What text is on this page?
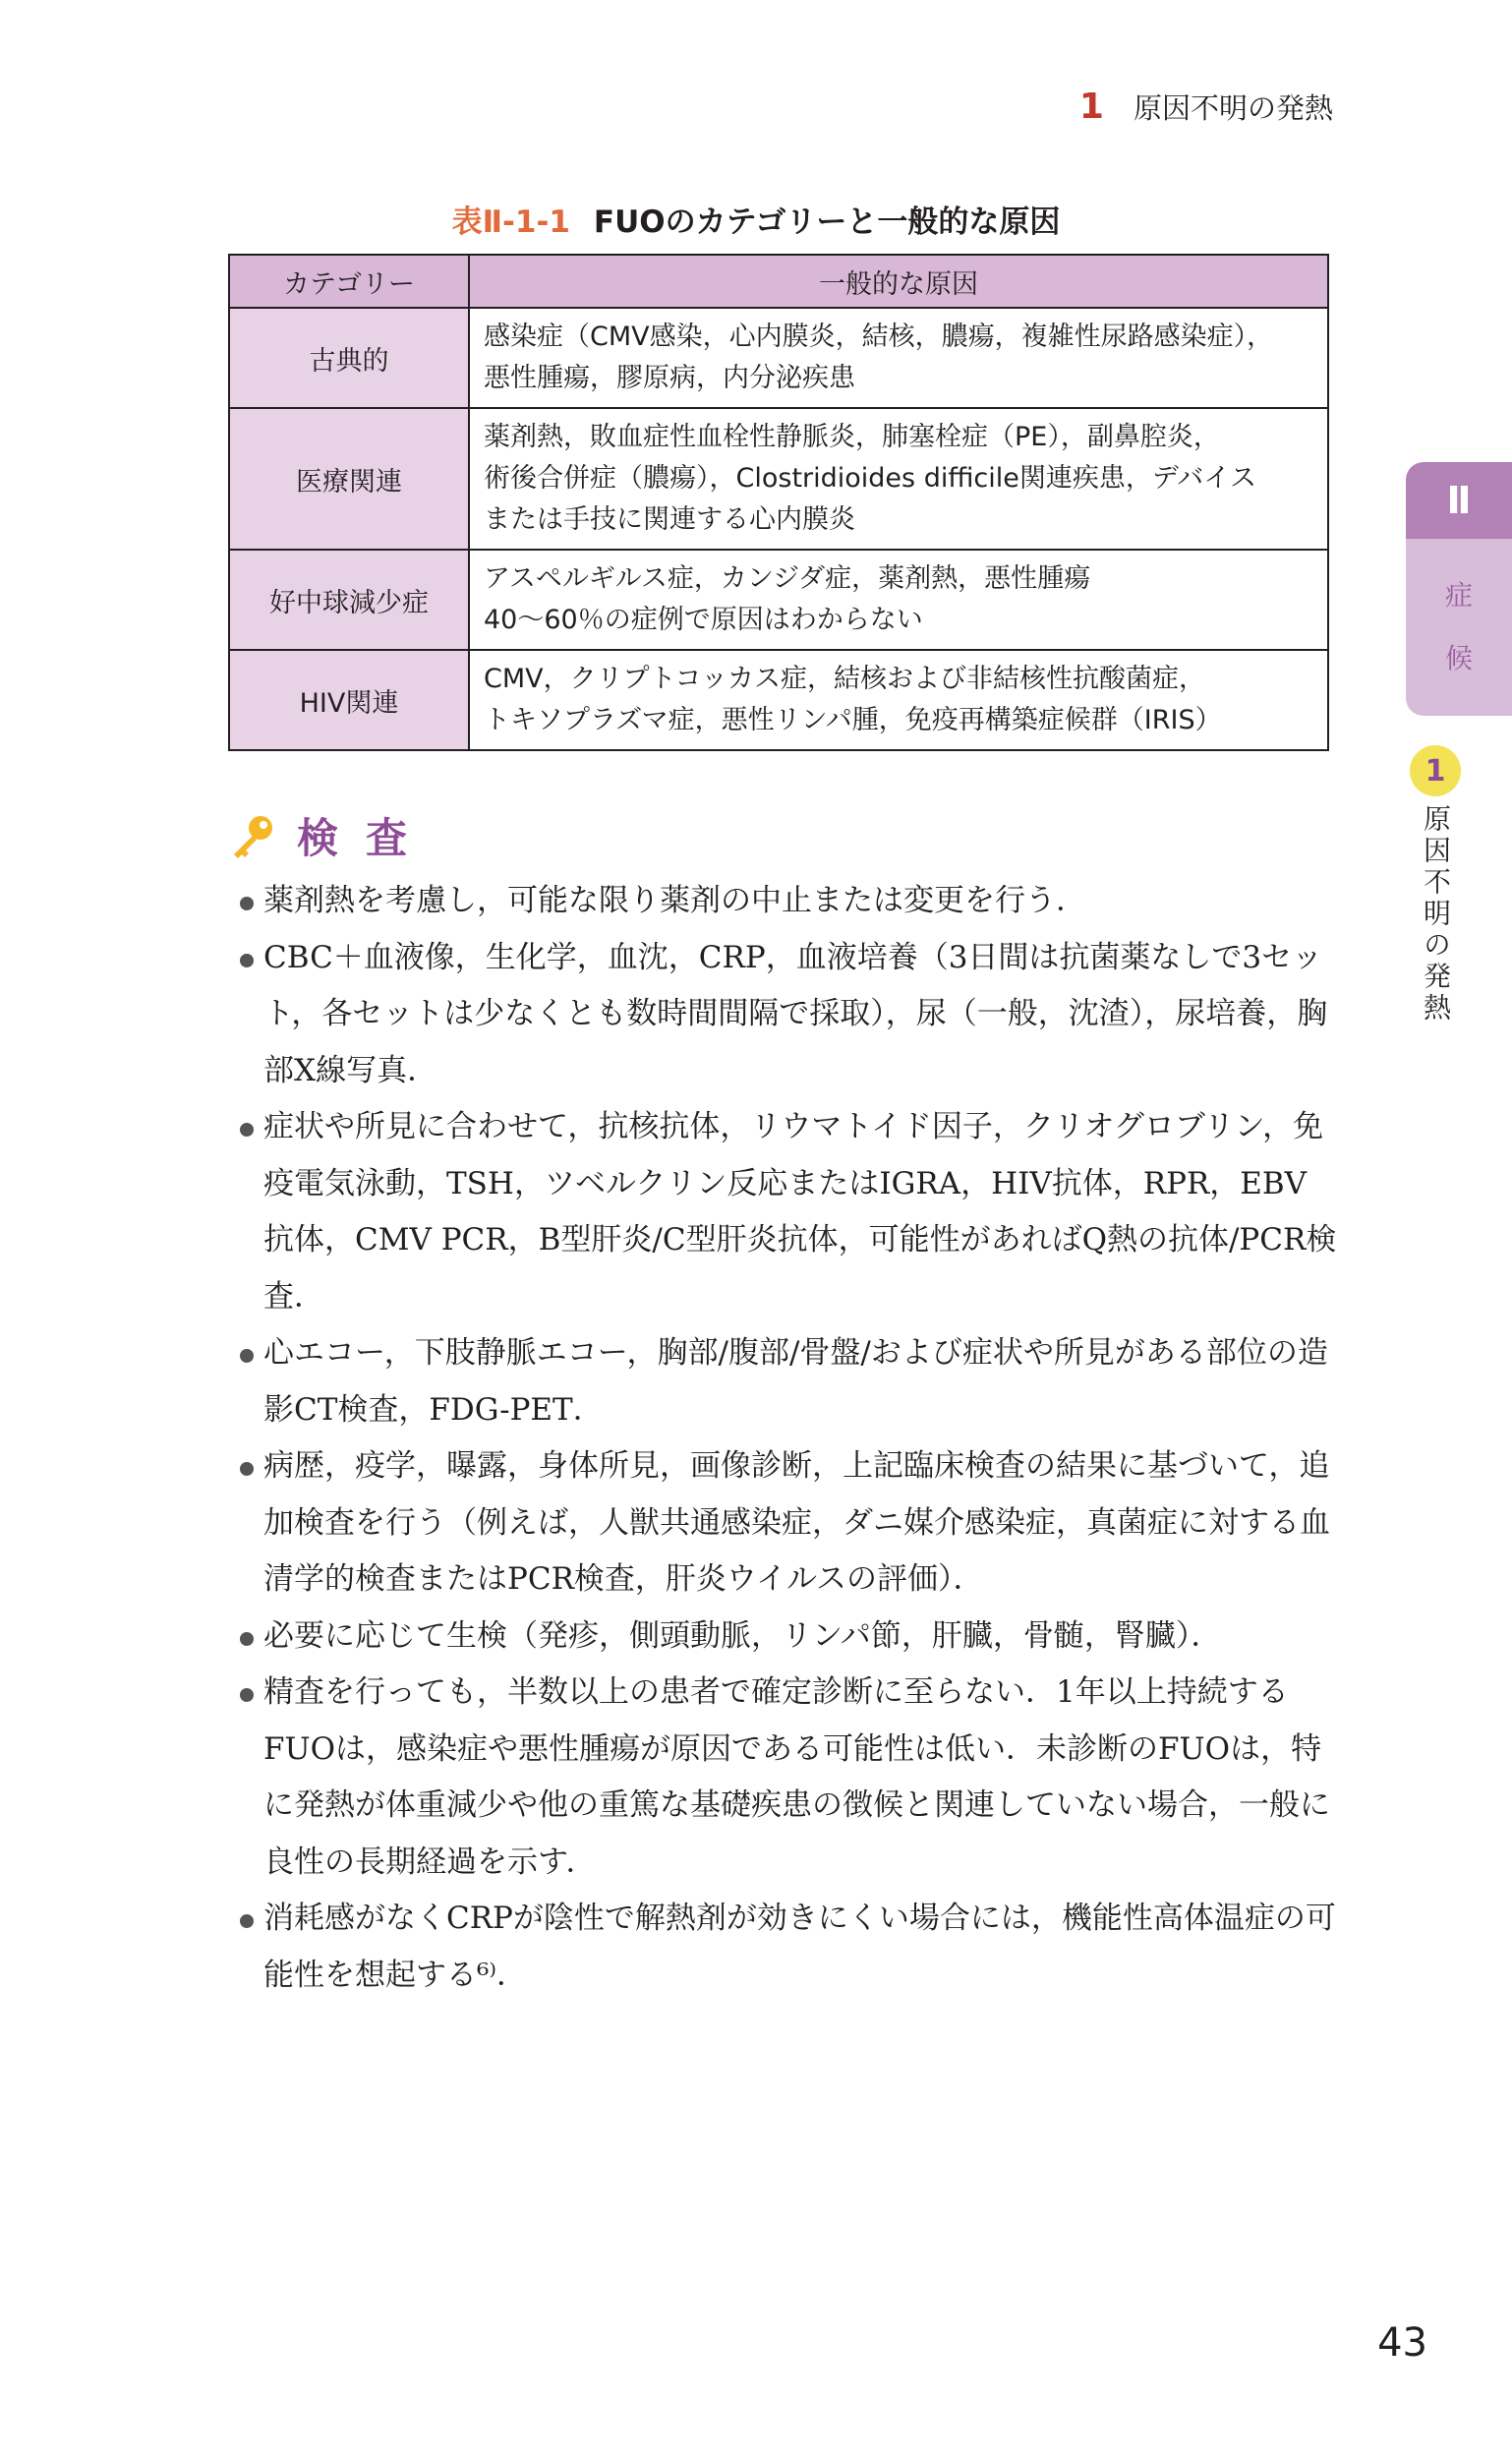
1 原因不明の発熱
表Ⅱ-1-1 FUOのカテゴリーと一般的な原因
カテゴリー	一般的な原因
古典的	感染症（CMV感染，心内膜炎，結核，膿瘍，複雑性尿路感染症），
悪性腫瘍，膠原病，内分泌疾患

医療関連	薬剤熱，敗血症性血栓性静脈炎，肺塞栓症（PE），副鼻腔炎，
術後合併症（膿瘍），Clostridioides difficile関連疾患，デバイス
または手技に関連する心内膜炎

好中球減少症	アスペルギルス症，カンジダ症，薬剤熱，悪性腫瘍
40〜60％の症例で原因はわからない

HIV関連	CMV，クリプトコッカス症，結核および非結核性抗酸菌症，
トキソプラズマ症，悪性リンパ腫，免疫再構築症候群（IRIS）
検査
薬剤熱を考慮し，可能な限り薬剤の中止または変更を行う．
CBC＋血液像，生化学，血沈，CRP，血液培養（3日間は抗菌薬なしで3セット，各セットは少なくとも数時間間隔で採取），尿（一般，沈渣），尿培養，胸部X線写真．
症状や所見に合わせて，抗核抗体，リウマトイド因子，クリオグロブリン，免疫電気泳動，TSH，ツベルクリン反応またはIGRA，HIV抗体，RPR，EBV抗体，CMV PCR，B型肝炎/C型肝炎抗体，可能性があればQ熱の抗体/PCR検査．
心エコー，下肢静脈エコー，胸部/腹部/骨盤/および症状や所見がある部位の造影CT検査，FDG-PET．
病歴，疫学，曝露，身体所見，画像診断，上記臨床検査の結果に基づいて，追加検査を行う（例えば，人獣共通感染症，ダニ媒介感染症，真菌症に対する血清学的検査またはPCR検査，肝炎ウイルスの評価）．
必要に応じて生検（発疹，側頭動脈，リンパ節，肝臓，骨髄，腎臓）．
精査を行っても，半数以上の患者で確定診断に至らない．1年以上持続するFUOは，感染症や悪性腫瘍が原因である可能性は低い．未診断のFUOは，特に発熱が体重減少や他の重篤な基礎疾患の徴候と関連していない場合，一般に良性の長期経過を示す．
消耗感がなくCRPが陰性で解熱剤が効きにくい場合には，機能性高体温症の可能性を想起する⁶⁾．
Ⅱ
症
候
1
原因不明の発熱
43
